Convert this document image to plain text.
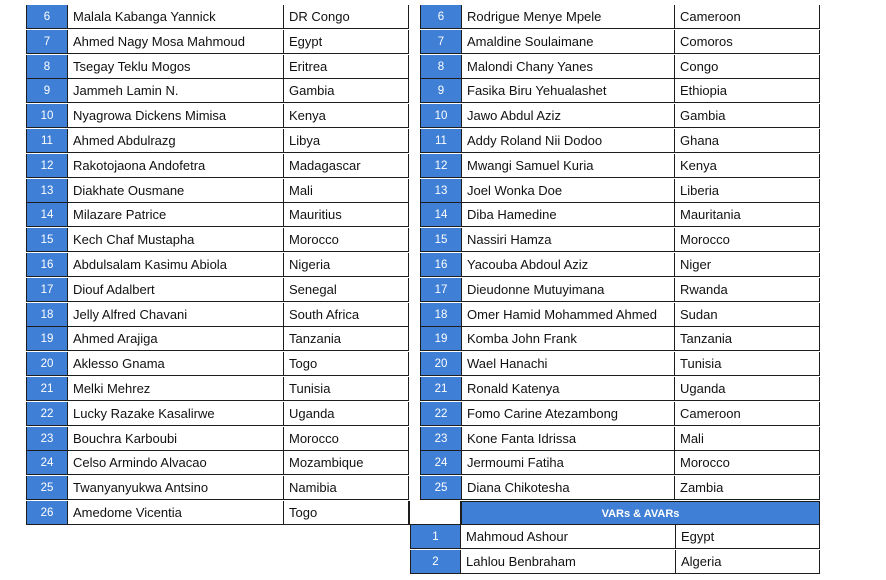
6	Malala Kabanga Yannick	DR Congo
7	Ahmed Nagy Mosa Mahmoud	Egypt
8	Tsegay Teklu Mogos	Eritrea
9	Jammeh Lamin N.	Gambia
10	Nyagrowa Dickens Mimisa	Kenya
11	Ahmed Abdulrazg	Libya
12	Rakotojaona Andofetra	Madagascar
13	Diakhate Ousmane	Mali
14	Milazare Patrice	Mauritius
15	Kech Chaf Mustapha	Morocco
16	Abdulsalam Kasimu Abiola	Nigeria
17	Diouf Adalbert	Senegal
18	Jelly Alfred Chavani	South Africa
19	Ahmed Arajiga	Tanzania
20	Aklesso Gnama	Togo
21	Melki Mehrez	Tunisia
22	Lucky Razake Kasalirwe	Uganda
23	Bouchra Karboubi	Morocco
24	Celso Armindo Alvacao	Mozambique
25	Twanyanyukwa Antsino	Namibia
26	Amedome Vicentia	Togo
6	Rodrigue Menye Mpele	Cameroon
7	Amaldine Soulaimane	Comoros
8	Malondi Chany Yanes	Congo
9	Fasika Biru Yehualashet	Ethiopia
10	Jawo Abdul Aziz	Gambia
11	Addy Roland Nii Dodoo	Ghana
12	Mwangi Samuel Kuria	Kenya
13	Joel Wonka Doe	Liberia
14	Diba Hamedine	Mauritania
15	Nassiri Hamza	Morocco
16	Yacouba Abdoul Aziz	Niger
17	Dieudonne Mutuyimana	Rwanda
18	Omer Hamid Mohammed Ahmed	Sudan
19	Komba John Frank	Tanzania
20	Wael Hanachi	Tunisia
21	Ronald Katenya	Uganda
22	Fomo Carine Atezambong	Cameroon
23	Kone Fanta Idrissa	Mali
24	Jermoumi Fatiha	Morocco
25	Diana Chikotesha	Zambia
VARs & AVARs
1	Mahmoud Ashour	Egypt
2	Lahlou Benbraham	Algeria
